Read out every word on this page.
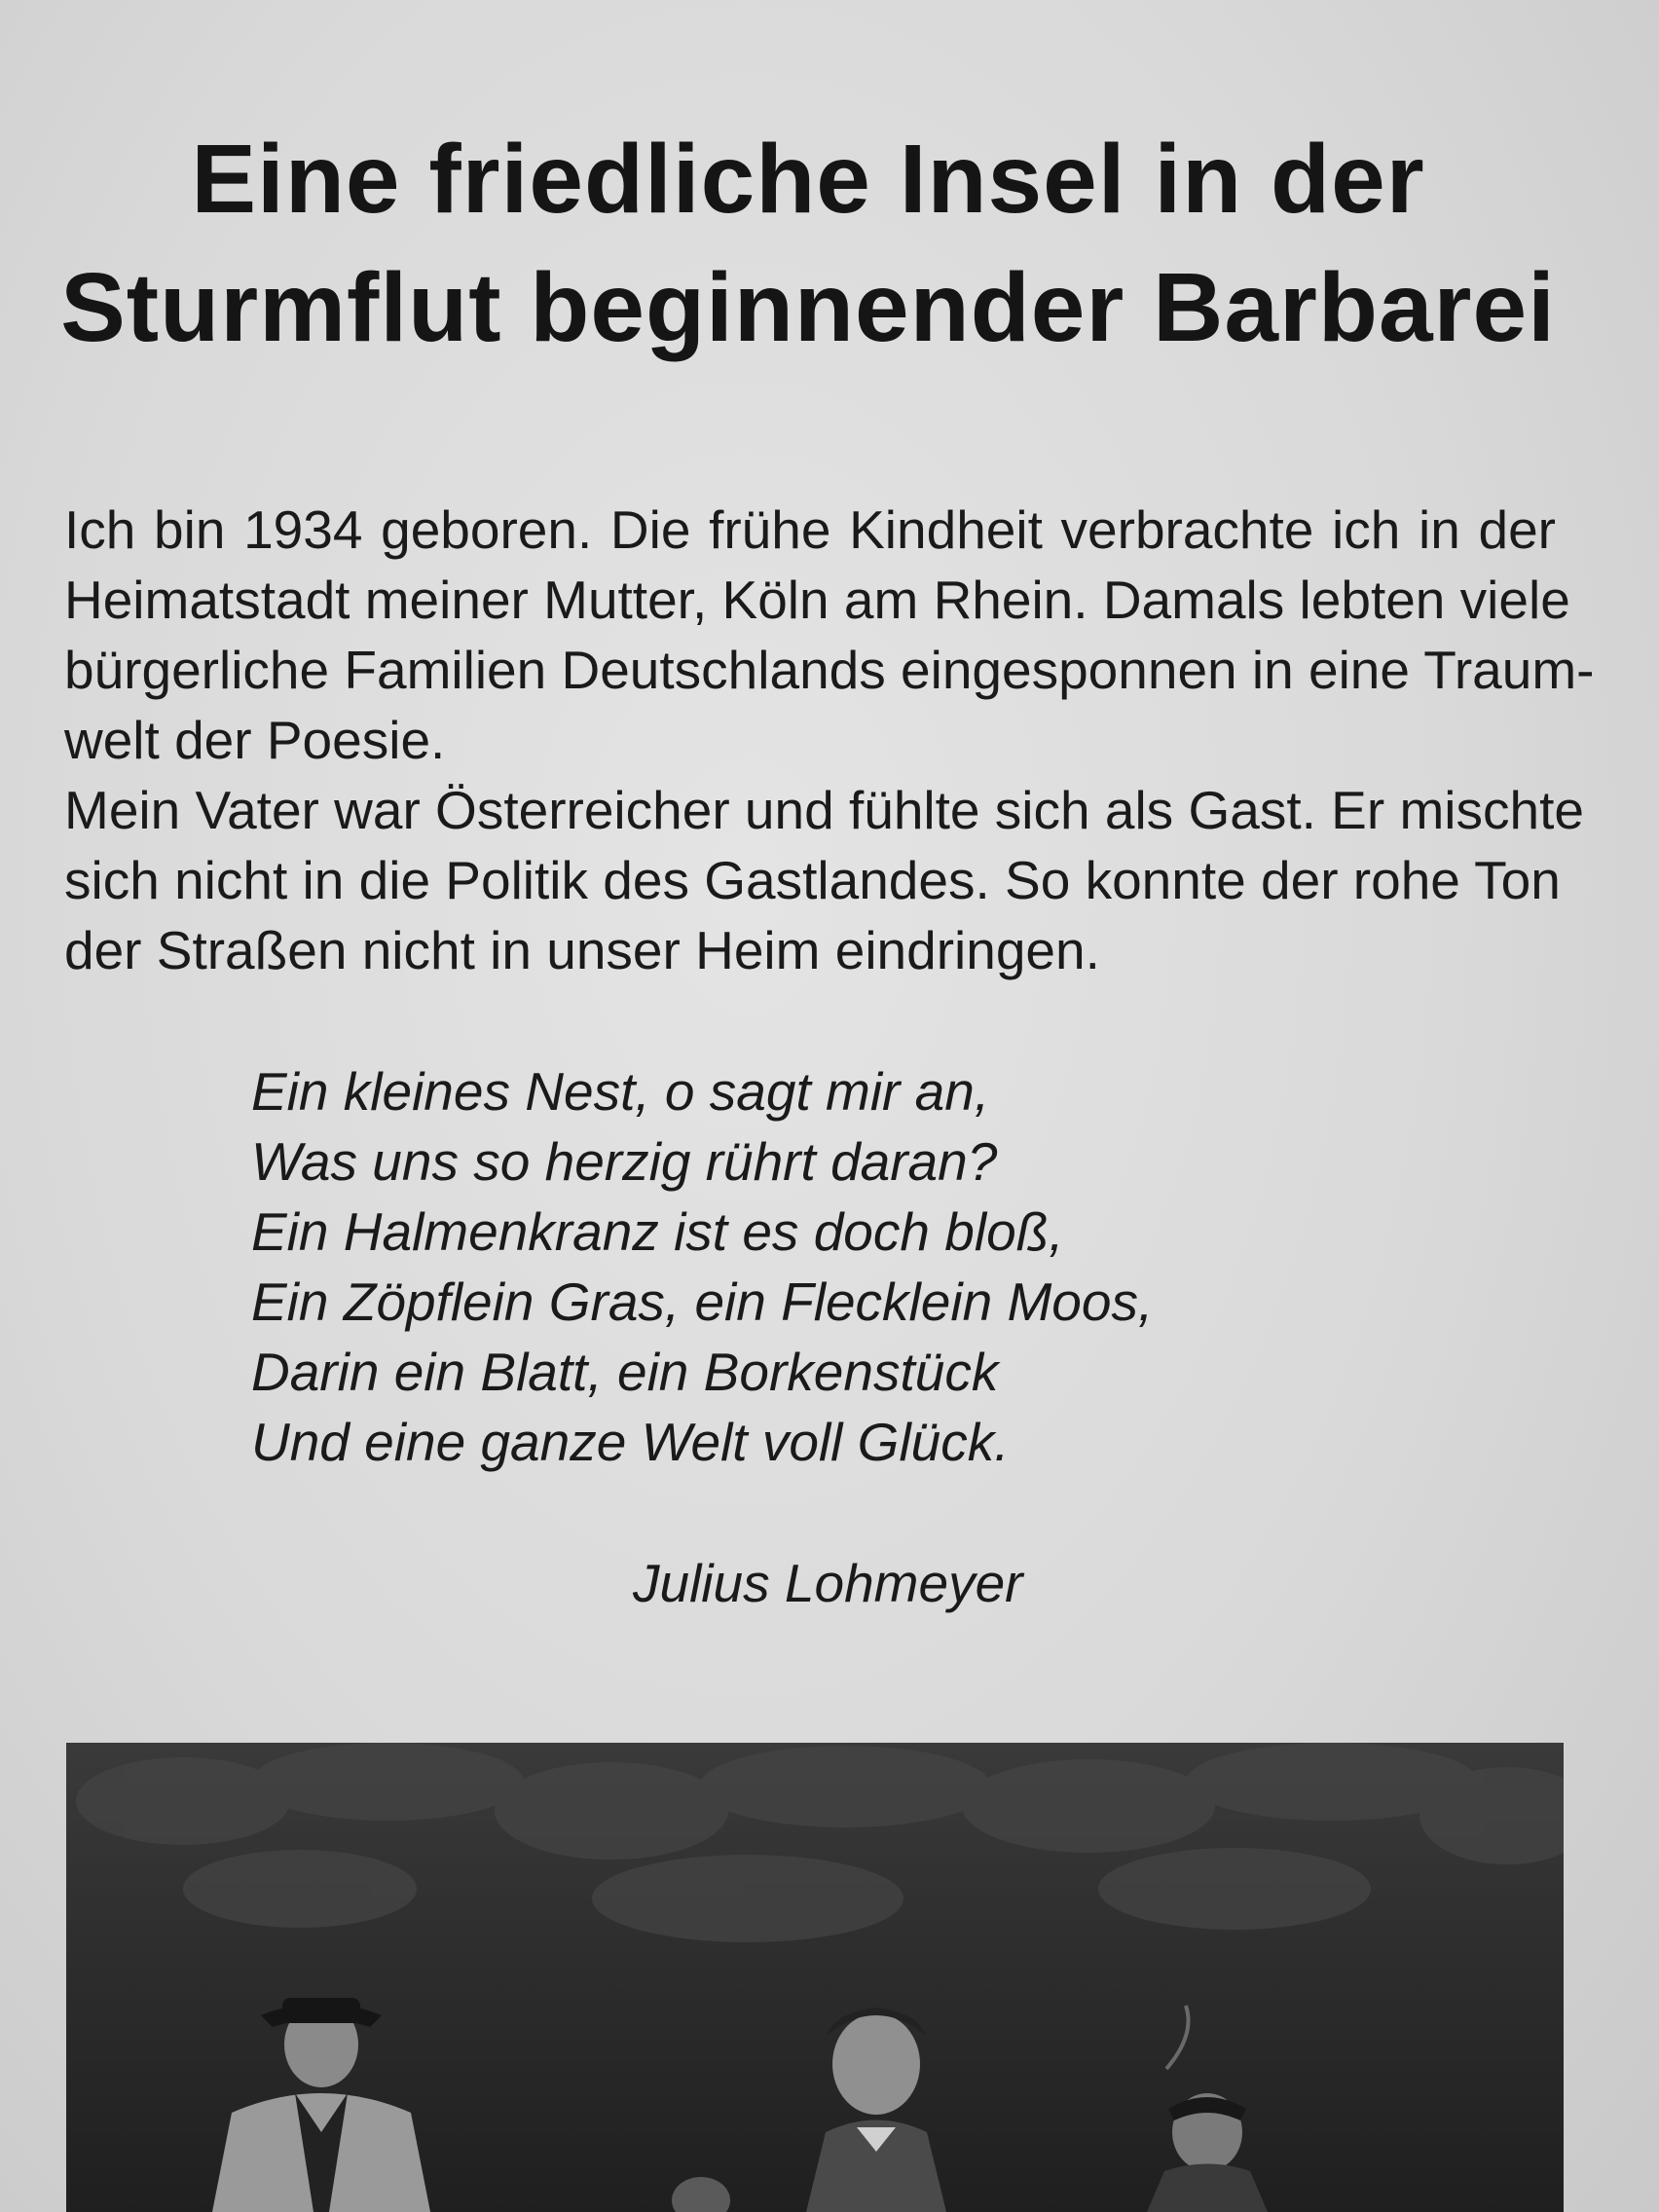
Eine friedliche Insel in der
Sturmflut beginnender Barbarei
Ich bin 1934 geboren. Die frühe Kindheit verbrachte ich in der
Heimatstadt meiner Mutter, Köln am Rhein. Damals lebten viele
bürgerliche Familien Deutschlands eingesponnen in eine Traum-
welt der Poesie.
Mein Vater war Österreicher und fühlte sich als Gast. Er mischte
sich nicht in die Politik des Gastlandes. So konnte der rohe Ton
der Straßen nicht in unser Heim eindringen.
Ein kleines Nest, o sagt mir an,
Was uns so herzig rührt daran?
Ein Halmenkranz ist es doch bloß,
Ein Zöpflein Gras, ein Flecklein Moos,
Darin ein Blatt, ein Borkenstück
Und eine ganze Welt voll Glück.
Julius Lohmeyer
